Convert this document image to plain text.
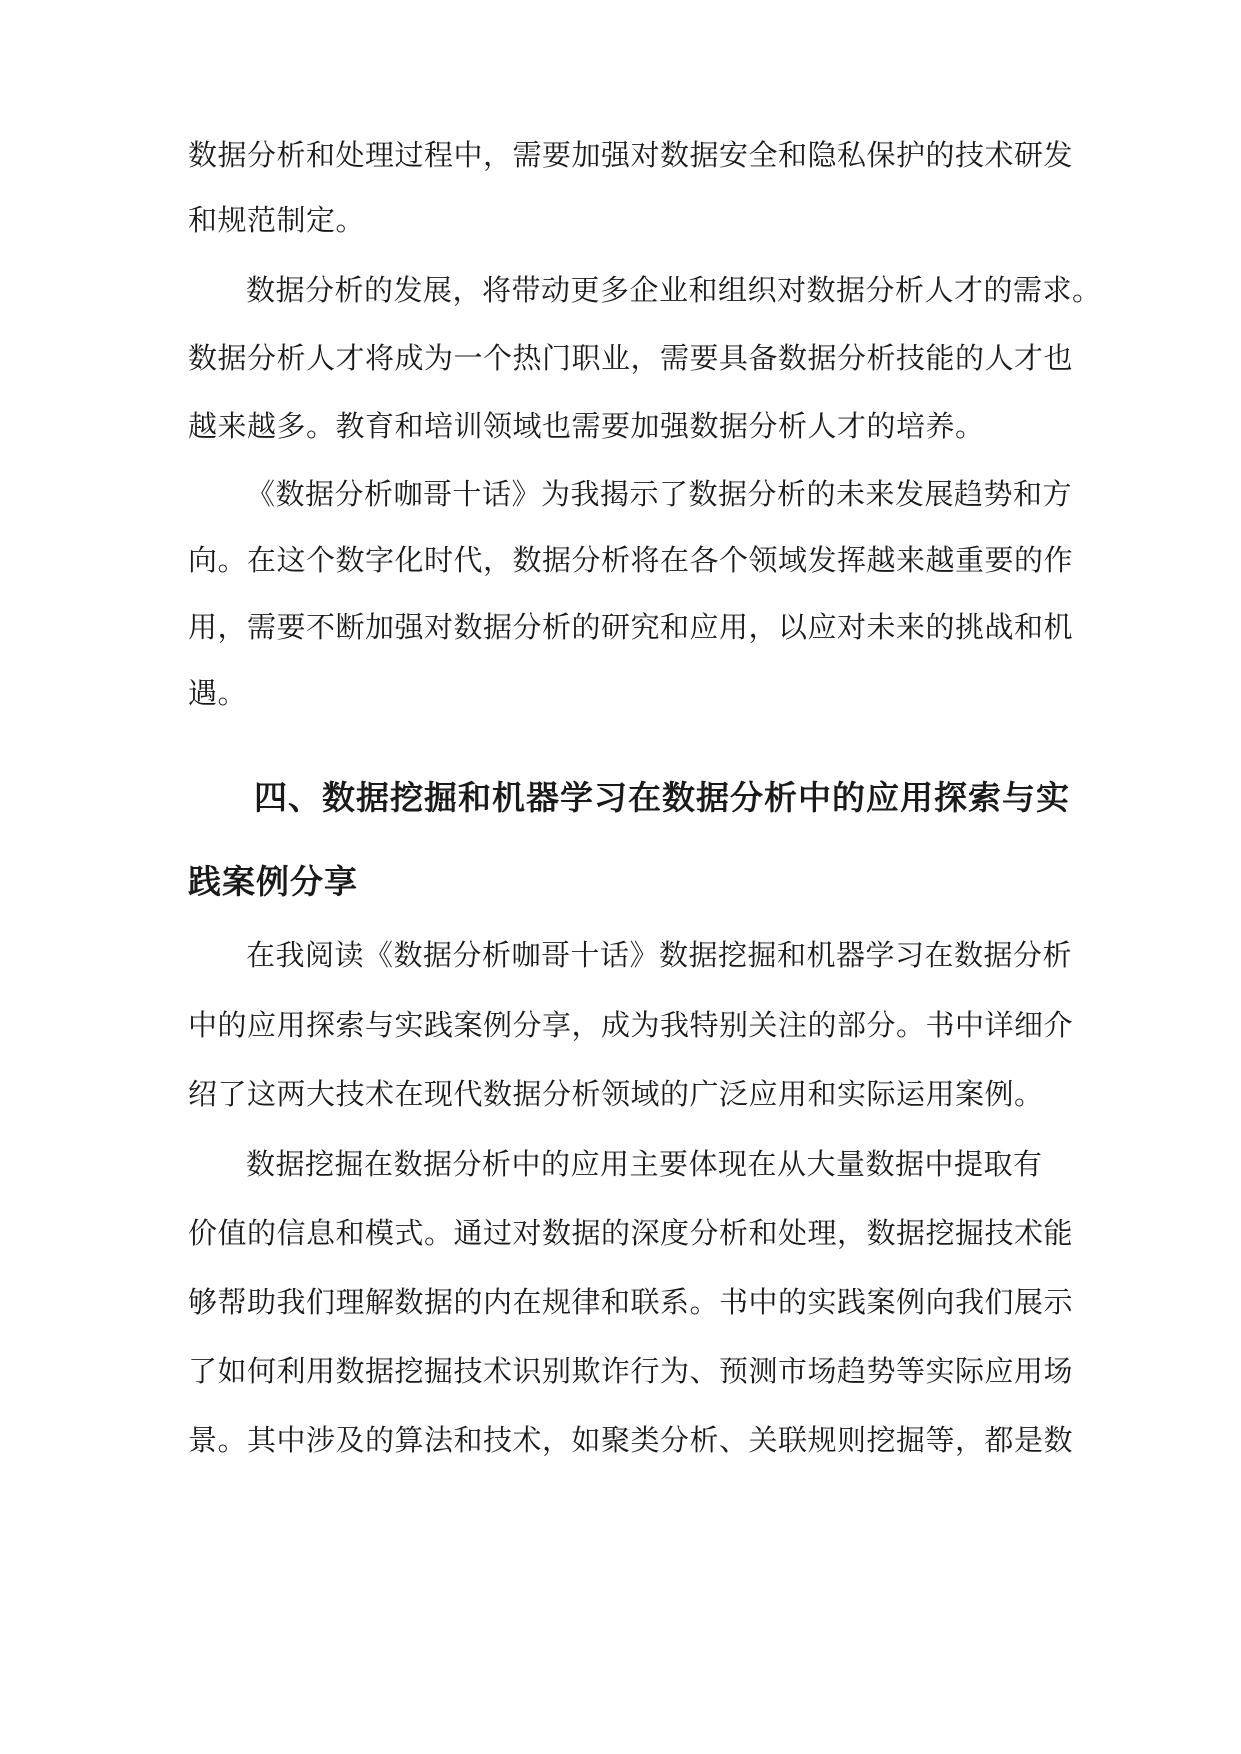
数据分析和处理过程中，需要加强对数据安全和隐私保护的技术研发
和规范制定。
数据分析的发展，将带动更多企业和组织对数据分析人才的需求。
数据分析人才将成为一个热门职业，需要具备数据分析技能的人才也
越来越多。教育和培训领域也需要加强数据分析人才的培养。
《数据分析咖哥十话》为我揭示了数据分析的未来发展趋势和方
向。在这个数字化时代，数据分析将在各个领域发挥越来越重要的作
用，需要不断加强对数据分析的研究和应用，以应对未来的挑战和机
遇。
四、数据挖掘和机器学习在数据分析中的应用探索与实
践案例分享
在我阅读《数据分析咖哥十话》数据挖掘和机器学习在数据分析
中的应用探索与实践案例分享，成为我特别关注的部分。书中详细介
绍了这两大技术在现代数据分析领域的广泛应用和实际运用案例。
数据挖掘在数据分析中的应用主要体现在从大量数据中提取有
价值的信息和模式。通过对数据的深度分析和处理，数据挖掘技术能
够帮助我们理解数据的内在规律和联系。书中的实践案例向我们展示
了如何利用数据挖掘技术识别欺诈行为、预测市场趋势等实际应用场
景。其中涉及的算法和技术，如聚类分析、关联规则挖掘等，都是数
